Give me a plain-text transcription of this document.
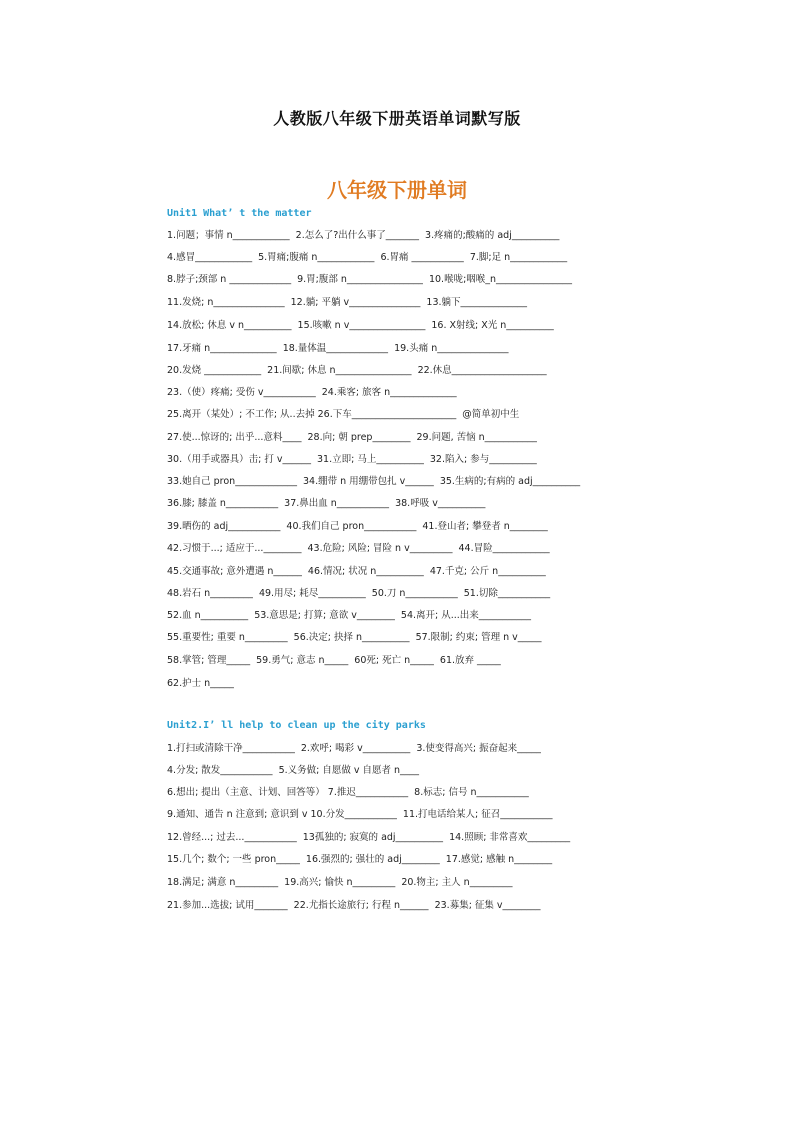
人教版八年级下册英语单词默写版
八年级下册单词
Unit1 What’ t the matter
1.问题；事情 n____________  2.怎么了?出什么事了_______  3.疼痛的;酸痛的 adj__________
4.感冒____________  5.胃痛;腹痛 n____________  6.胃痛 ___________  7.脚;足 n____________
8.脖子;颈部 n _____________  9.胃;腹部 n________________  10.喉咙;咽喉_n________________
11.发烧; n_______________  12.躺; 平躺 v_______________  13.躺下______________
14.放松; 休息 v n__________  15.咳嗽 n v________________  16. X射线; X光 n__________
17.牙痛 n______________  18.量体温_____________  19.头痛 n_______________
20.发烧 ____________  21.间歇; 休息 n________________  22.休息____________________
23.（使）疼痛; 受伤 v___________  24.乘客; 旅客 n______________
25.离开（某处）; 不工作; 从..去掉 26.下车______________________  @简单初中生
27.使...惊讶的; 出乎...意料____  28.向; 朝 prep________  29.问题, 苦恼 n___________
30.（用手或器具）击; 打 v______  31.立即; 马上__________  32.陷入; 参与__________
33.她自己 pron_____________  34.绷带 n 用绷带包扎 v______  35.生病的;有病的 adj__________
36.膝; 膝盖 n___________  37.鼻出血 n___________  38.呼吸 v__________
39.晒伤的 adj___________  40.我们自己 pron___________  41.登山者; 攀登者 n________
42.习惯于...; 适应于...________  43.危险; 风险; 冒险 n v_________  44.冒险____________
45.交通事故; 意外遭遇 n______  46.情况; 状况 n__________  47.千克; 公斤 n__________
48.岩石 n_________  49.用尽; 耗尽__________  50.刀 n___________  51.切除___________
52.血 n__________  53.意思是; 打算; 意欲 v________  54.离开; 从...出来___________
55.重要性; 重要 n_________  56.决定; 抉择 n__________  57.限制; 约束; 管理 n v_____
58.掌管; 管理_____  59.勇气; 意志 n_____  60死; 死亡 n_____  61.放弃 _____
62.护士 n_____
Unit2.I’ ll help to clean up the city parks
1.打扫或清除干净___________  2.欢呼; 喝彩 v__________  3.使变得高兴; 振奋起来_____
4.分发; 散发___________  5.义务做; 自愿做 v 自愿者 n____
6.想出; 提出（主意、计划、回答等） 7.推迟___________  8.标志; 信号 n___________
9.通知、通告 n 注意到; 意识到 v 10.分发___________  11.打电话给某人; 征召___________
12.曾经...; 过去...___________  13孤独的; 寂寞的 adj__________  14.照顾; 非常喜欢_________
15.几个; 数个; 一些 pron_____  16.强烈的; 强壮的 adj________  17.感觉; 感触 n________
18.满足; 满意 n_________  19.高兴; 愉快 n_________  20.物主; 主人 n_________
21.参加...选拔; 试用_______  22.尤指长途旅行; 行程 n______  23.募集; 征集 v________
